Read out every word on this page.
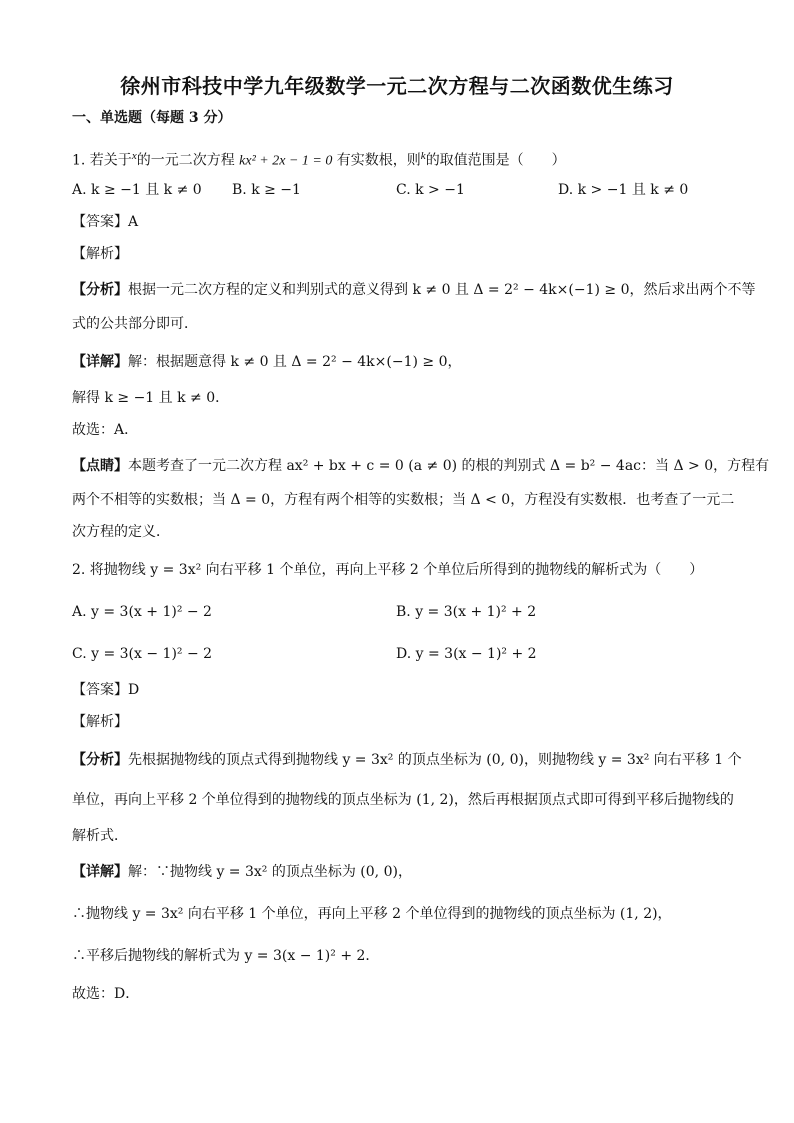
徐州市科技中学九年级数学一元二次方程与二次函数优生练习
一、单选题（每题 3 分）
1. 若关于$^x$的一元二次方程 kx² + 2x − 1 = 0 有实数根，则$^k$的取值范围是（　　）
A. k ≥ −1 且 k ≠ 0 B. k ≥ −1	C. k > −1	D. k > −1 且 k ≠ 0
【答案】A
【解析】
【分析】根据一元二次方程的定义和判别式的意义得到 k ≠ 0 且 Δ = 2² − 4k×(−1) ≥ 0，然后求出两个不等
式的公共部分即可．
【详解】解：根据题意得 k ≠ 0 且 Δ = 2² − 4k×(−1) ≥ 0，
解得 k ≥ −1 且 k ≠ 0．
故选：A．
【点睛】本题考查了一元二次方程 ax² + bx + c = 0 (a ≠ 0) 的根的判别式 Δ = b² − 4ac：当 Δ > 0，方程有
两个不相等的实数根；当 Δ = 0，方程有两个相等的实数根；当 Δ < 0，方程没有实数根．也考查了一元二
次方程的定义．
2. 将抛物线 y = 3x² 向右平移 1 个单位，再向上平移 2 个单位后所得到的抛物线的解析式为（　　）
A. y = 3(x + 1)² − 2	B. y = 3(x + 1)² + 2
C. y = 3(x − 1)² − 2	D. y = 3(x − 1)² + 2
【答案】D
【解析】
【分析】先根据抛物线的顶点式得到抛物线 y = 3x² 的顶点坐标为 (0, 0)，则抛物线 y = 3x² 向右平移 1 个
单位，再向上平移 2 个单位得到的抛物线的顶点坐标为 (1, 2)，然后再根据顶点式即可得到平移后抛物线的
解析式．
【详解】解：∵抛物线 y = 3x² 的顶点坐标为 (0, 0)，
∴抛物线 y = 3x² 向右平移 1 个单位，再向上平移 2 个单位得到的抛物线的顶点坐标为 (1, 2)，
∴平移后抛物线的解析式为 y = 3(x − 1)² + 2．
故选：D．
